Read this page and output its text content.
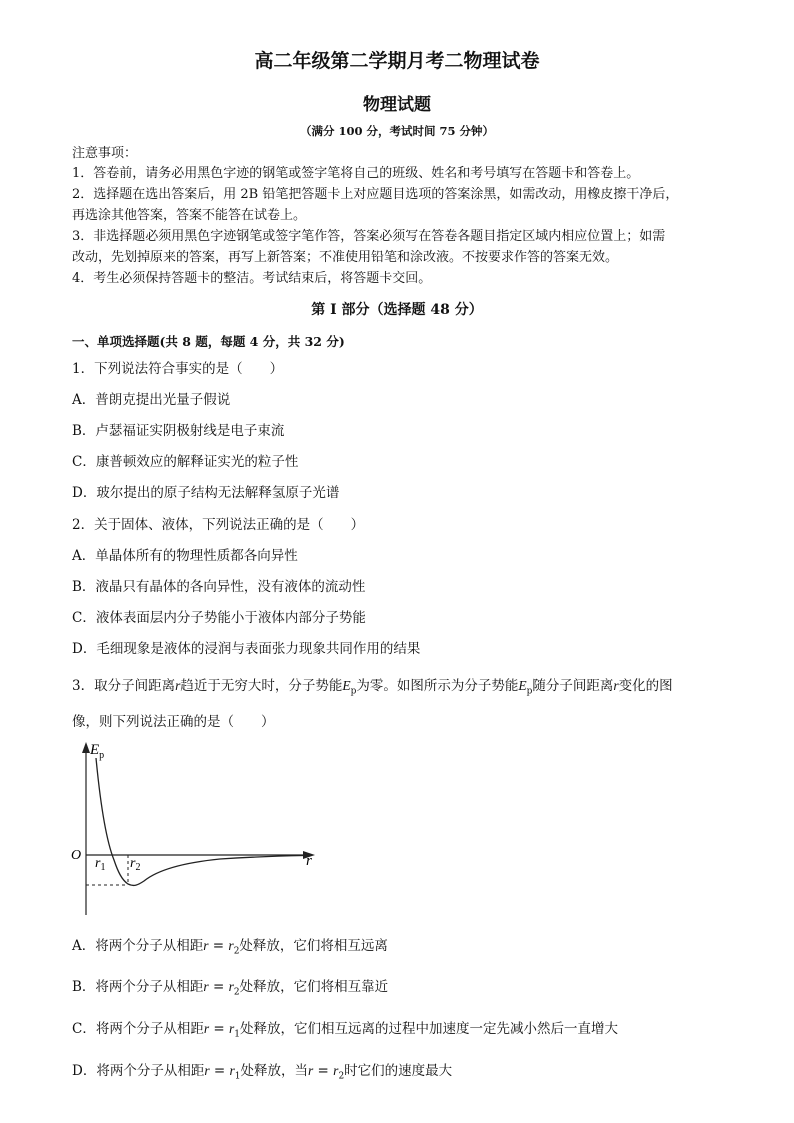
高二年级第二学期月考二物理试卷
物理试题
（满分 100 分，考试时间 75 分钟）
注意事项：
1．答卷前，请务必用黑色字迹的钢笔或签字笔将自己的班级、姓名和考号填写在答题卡和答卷上。
2．选择题在选出答案后，用 2B 铅笔把答题卡上对应题目选项的答案涂黑，如需改动，用橡皮擦干净后，
再选涂其他答案，答案不能答在试卷上。
3．非选择题必须用黑色字迹钢笔或签字笔作答，答案必须写在答卷各题目指定区域内相应位置上；如需
改动，先划掉原来的答案，再写上新答案；不准使用铅笔和涂改液。不按要求作答的答案无效。
4．考生必须保持答题卡的整洁。考试结束后，将答题卡交回。
第 I 部分（选择题 48 分）
一、单项选择题(共 8 题，每题 4 分，共 32 分)
1．下列说法符合事实的是（　　）
A．普朗克提出光量子假说
B．卢瑟福证实阴极射线是电子束流
C．康普顿效应的解释证实光的粒子性
D．玻尔提出的原子结构无法解释氢原子光谱
2．关于固体、液体，下列说法正确的是（　　）
A．单晶体所有的物理性质都各向异性
B．液晶只有晶体的各向异性，没有液体的流动性
C．液体表面层内分子势能小于液体内部分子势能
D．毛细现象是液体的浸润与表面张力现象共同作用的结果
3．取分子间距离r趋近于无穷大时，分子势能$E_p$为零。如图所示为分子势能$E_p$随分子间距离r变化的图
像，则下列说法正确的是（　　）
$E_p$
O	r
$r_1$ $r_2$
A．将两个分子从相距$r = r_2$处释放，它们将相互远离
B．将两个分子从相距$r = r_2$处释放，它们将相互靠近
C．将两个分子从相距$r = r_1$处释放，它们相互远离的过程中加速度一定先减小然后一直增大
D．将两个分子从相距$r = r_1$处释放，当$r = r_2$时它们的速度最大
